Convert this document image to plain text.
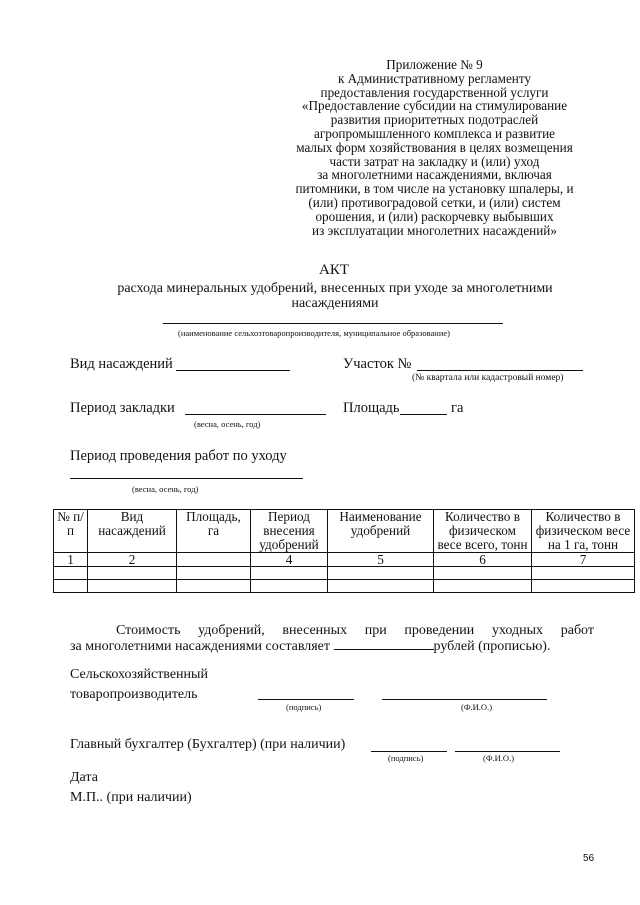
Приложение № 9
к Административному регламенту
предоставления государственной услуги
«Предоставление субсидии на стимулирование
развития приоритетных подотраслей
агропромышленного комплекса и развитие
малых форм хозяйствования в целях возмещения
части затрат на закладку и (или) уход
за многолетними насаждениями, включая
питомники, в том числе на установку шпалеры, и
(или) противоградовой сетки, и (или) систем
орошения, и (или) раскорчевку выбывших
из эксплуатации многолетних насаждений»
АКТ
расхода минеральных удобрений, внесенных при уходе за многолетними насаждениями
(наименование сельхозтоваропроизводителя, муниципальное образование)
Вид насаждений	Участок №
(№ квартала или кадастровый номер)
Период закладки
(весна, осень, год)
Площадь	га
Период проведения работ по уходу
(весна, осень, год)
№ п/п	Вид насаждений	Площадь, га	Период внесения удобрений	Наименование удобрений	Количество в физическом весе всего, тонн	Количество в физическом весе на 1 га, тонн
1	2		4	5	6	7

Стоимость удобрений, внесенных при проведении уходных работ
за многолетними насаждениями составляет	рублей (прописью).
Сельскохозяйственный
товаропроизводитель
(подпись)	(Ф.И.О.)
Главный бухгалтер (Бухгалтер) (при наличии)
(подпись)	(Ф.И.О.)
Дата
М.П.. (при наличии)
56
